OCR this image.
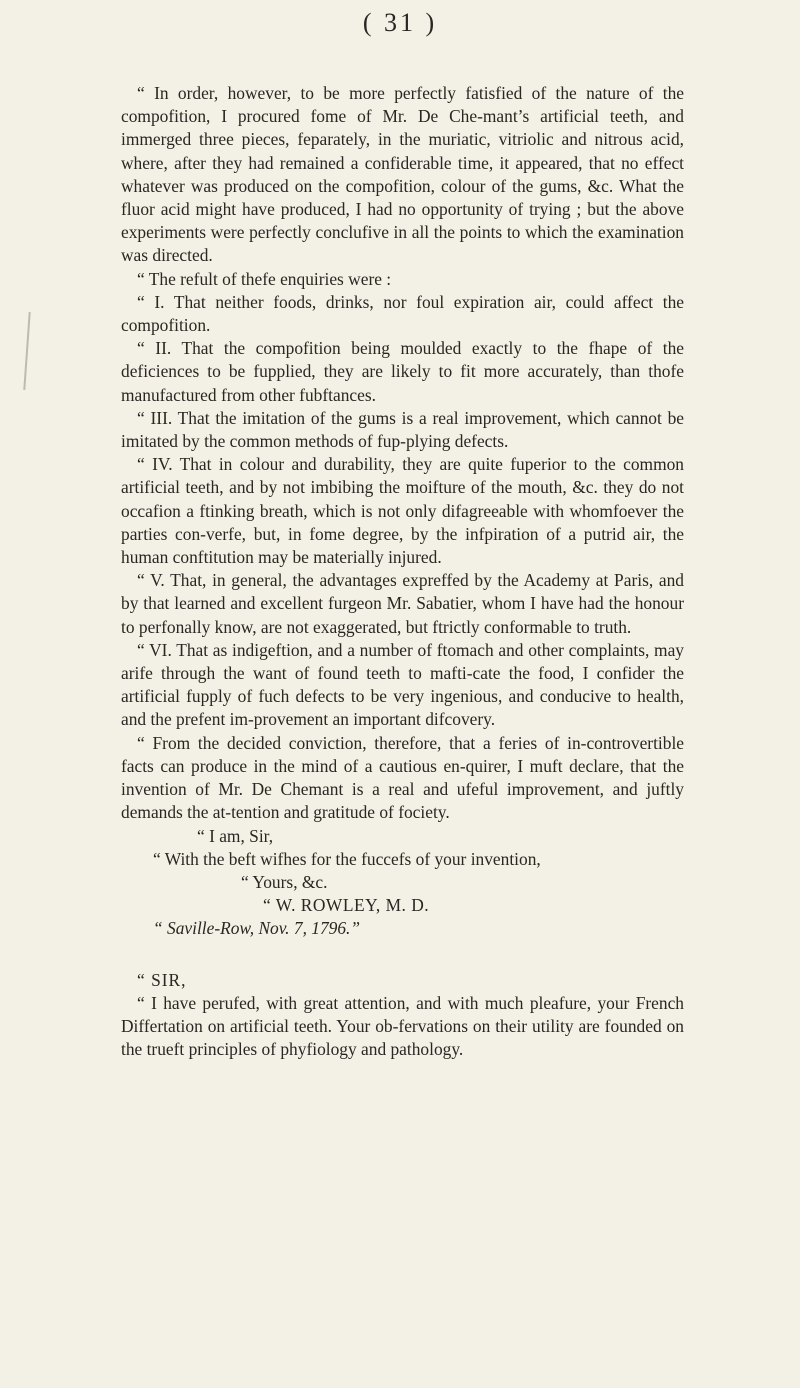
( 31 )

“ In order, however, to be more perfectly fatisfied of the nature of the compofition, I procured fome of Mr. De Che-mant’s artificial teeth, and immerged three pieces, feparately, in the muriatic, vitriolic and nitrous acid, where, after they had remained a confiderable time, it appeared, that no effect whatever was produced on the compofition, colour of the gums, &c. What the fluor acid might have produced, I had no opportunity of trying ; but the above experiments were perfectly conclufive in all the points to which the examination was directed.

“ The refult of thefe enquiries were :

“ I. That neither foods, drinks, nor foul expiration air, could affect the compofition.

“ II. That the compofition being moulded exactly to the fhape of the deficiences to be fupplied, they are likely to fit more accurately, than thofe manufactured from other fubftances.

“ III. That the imitation of the gums is a real improvement, which cannot be imitated by the common methods of fup-plying defects.

“ IV. That in colour and durability, they are quite fuperior to the common artificial teeth, and by not imbibing the moifture of the mouth, &c. they do not occafion a ftinking breath, which is not only difagreeable with whomfoever the parties con-verfe, but, in fome degree, by the infpiration of a putrid air, the human conftitution may be materially injured.

“ V. That, in general, the advantages expreffed by the Academy at Paris, and by that learned and excellent furgeon Mr. Sabatier, whom I have had the honour to perfonally know, are not exaggerated, but ftrictly conformable to truth.

“ VI. That as indigeftion, and a number of ftomach and other complaints, may arife through the want of found teeth to mafti-cate the food, I confider the artificial fupply of fuch defects to be very ingenious, and conducive to health, and the prefent im-provement an important difcovery.

“ From the decided conviction, therefore, that a feries of in-controvertible facts can produce in the mind of a cautious en-quirer, I muft declare, that the invention of Mr. De Chemant is a real and ufeful improvement, and juftly demands the at-tention and gratitude of fociety.

“ I am, Sir,

“ With the beft wifhes for the fuccefs of your invention,

“ Yours, &c.

“ W. ROWLEY, M. D.

“ Saville-Row, Nov. 7, 1796.”

“ SIR,

“ I have perufed, with great attention, and with much pleafure, your French Differtation on artificial teeth. Your ob-fervations on their utility are founded on the trueft principles of phyfiology and pathology.
